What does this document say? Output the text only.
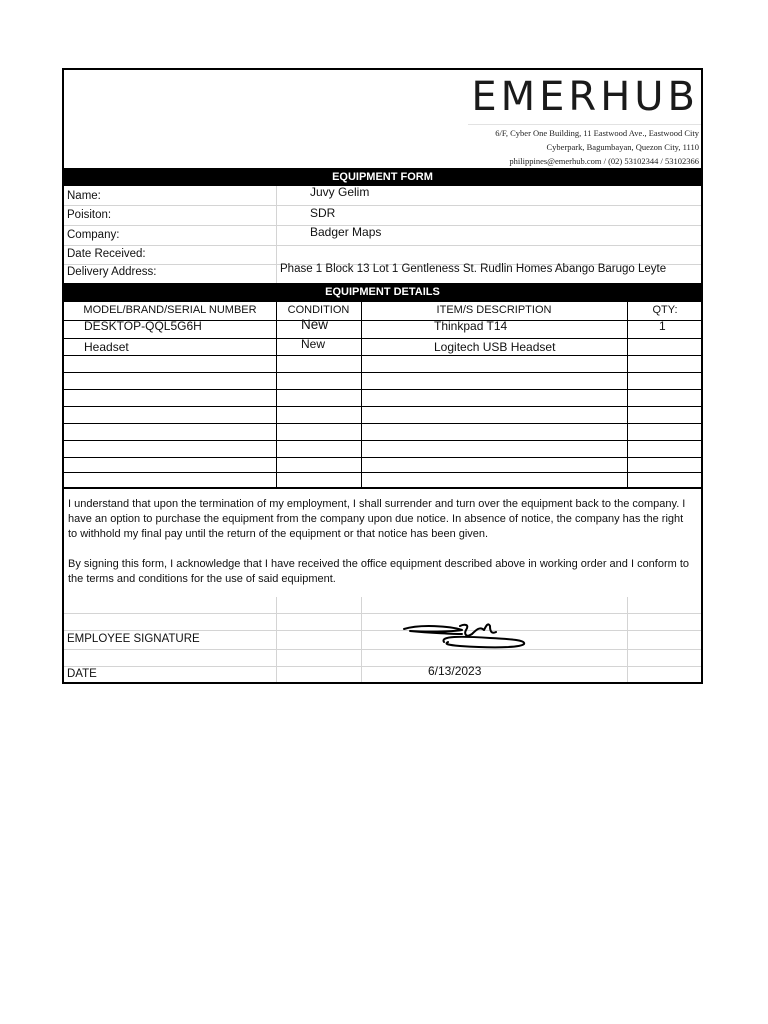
EMERHUB
6/F, Cyber One Building, 11 Eastwood Ave., Eastwood City
Cyberpark, Bagumbayan, Quezon City, 1110
philippines@emerhub.com / (02) 53102344 / 53102366
EQUIPMENT FORM
Name:	Juvy Gelim
Poisiton:	SDR
Company:	Badger Maps
Date Received:
Delivery Address:	Phase 1 Block 13 Lot 1 Gentleness St. Rudlin Homes Abango Barugo Leyte
EQUIPMENT DETAILS
MODEL/BRAND/SERIAL NUMBER	CONDITION	ITEM/S DESCRIPTION	QTY:
DESKTOP-QQL5G6H	New	Thinkpad T14	1
Headset	New	Logitech USB Headset
I understand that upon the termination of my employment, I shall surrender and turn over the equipment back to the company. I have an option to purchase the equipment from the company upon due notice. In absence of notice, the company has the right to withhold my final pay until the return of the equipment or that notice has been given.
By signing this form, I acknowledge that I have received the office equipment described above in working order and I conform to the terms and conditions for the use of said equipment.
EMPLOYEE SIGNATURE
DATE	6/13/2023
